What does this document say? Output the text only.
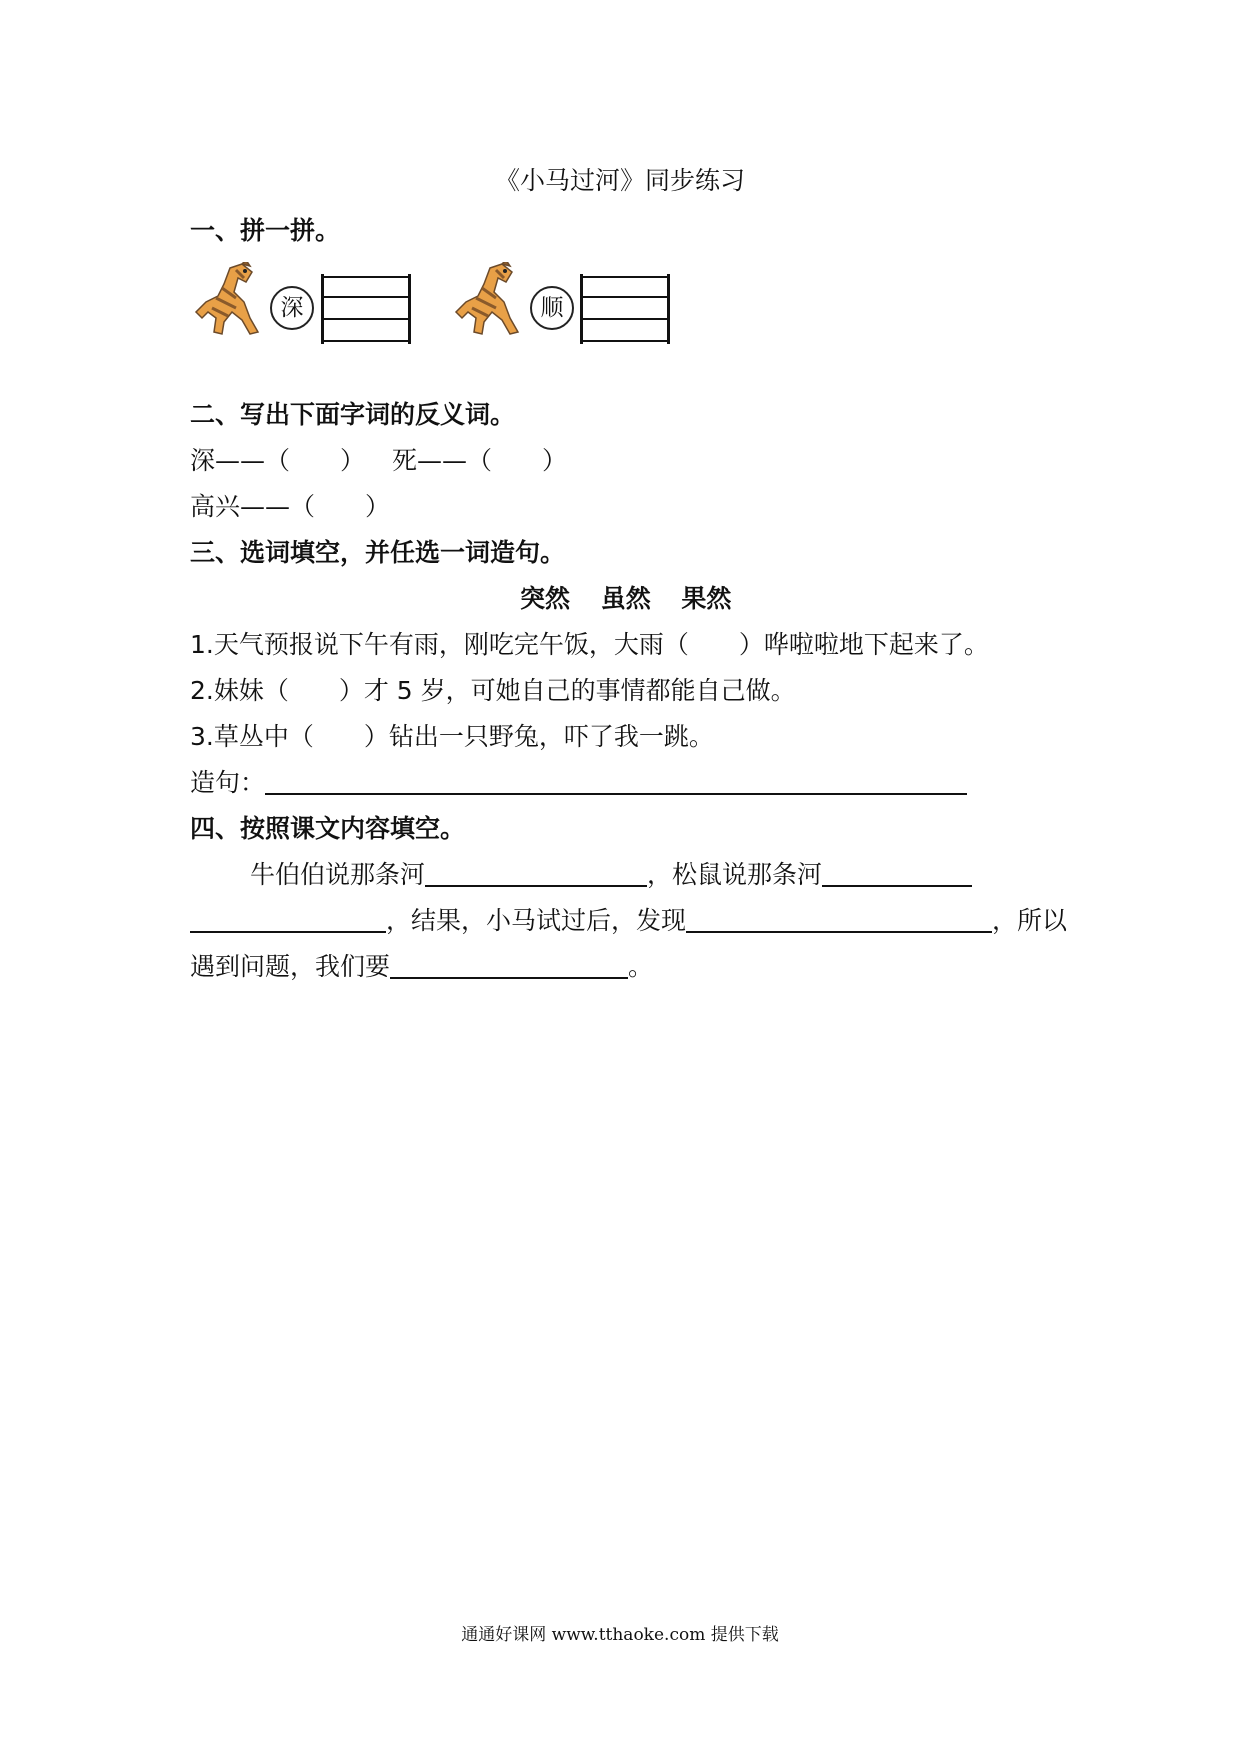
《小马过河》同步练习
一、拼一拼。
深	顺
二、写出下面字词的反义词。
深——（　　） 死——（　　）
高兴——（　　）
三、选词填空，并任选一词造句。
突然 虽然 果然
1.天气预报说下午有雨，刚吃完午饭，大雨（　　）哗啦啦地下起来了。
2.妹妹（　　）才 5 岁，可她自己的事情都能自己做。
3.草丛中（　　）钻出一只野兔，吓了我一跳。
造句：
四、按照课文内容填空。
牛伯伯说那条河	，松鼠说那条河
，结果，小马试过后，发现	，所以
遇到问题，我们要	。
通通好课网 www.tthaoke.com 提供下载
